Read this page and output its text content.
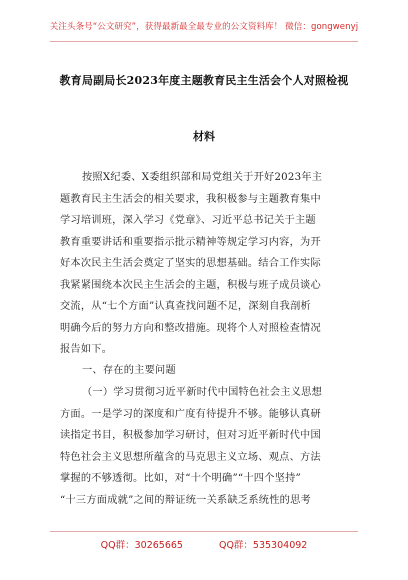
关注头条号“公文研究”，获得最新最全最专业的公文资料库！ 微信：gongwenyj
教育局副局长2023年度主题教育民主生活会个人对照检视
材料
按照X纪委、X委组织部和局党组关于开好2023年主
题教育民主生活会的相关要求，我积极参与主题教育集中
学习培训班，深入学习《党章》、习近平总书记关于主题
教育重要讲话和重要指示批示精神等规定学习内容，为开
好本次民主生活会奠定了坚实的思想基础。结合工作实际
我紧紧围绕本次民主生活会的主题，积极与班子成员谈心
交流，从“七个方面”认真查找问题不足，深刻自我剖析
明确今后的努力方向和整改措施。现将个人对照检查情况
报告如下。
一、存在的主要问题
（一）学习贯彻习近平新时代中国特色社会主义思想
方面。一是学习的深度和广度有待提升不够。能够认真研
读指定书目，积极参加学习研讨，但对习近平新时代中国
特色社会主义思想所蕴含的马克思主义立场、观点、方法
掌握的不够透彻。比如，对“十个明确”“十四个坚持”
“十三方面成就”之间的辩证统一关系缺乏系统性的思考
QQ群：30265665	QQ群：535304092
